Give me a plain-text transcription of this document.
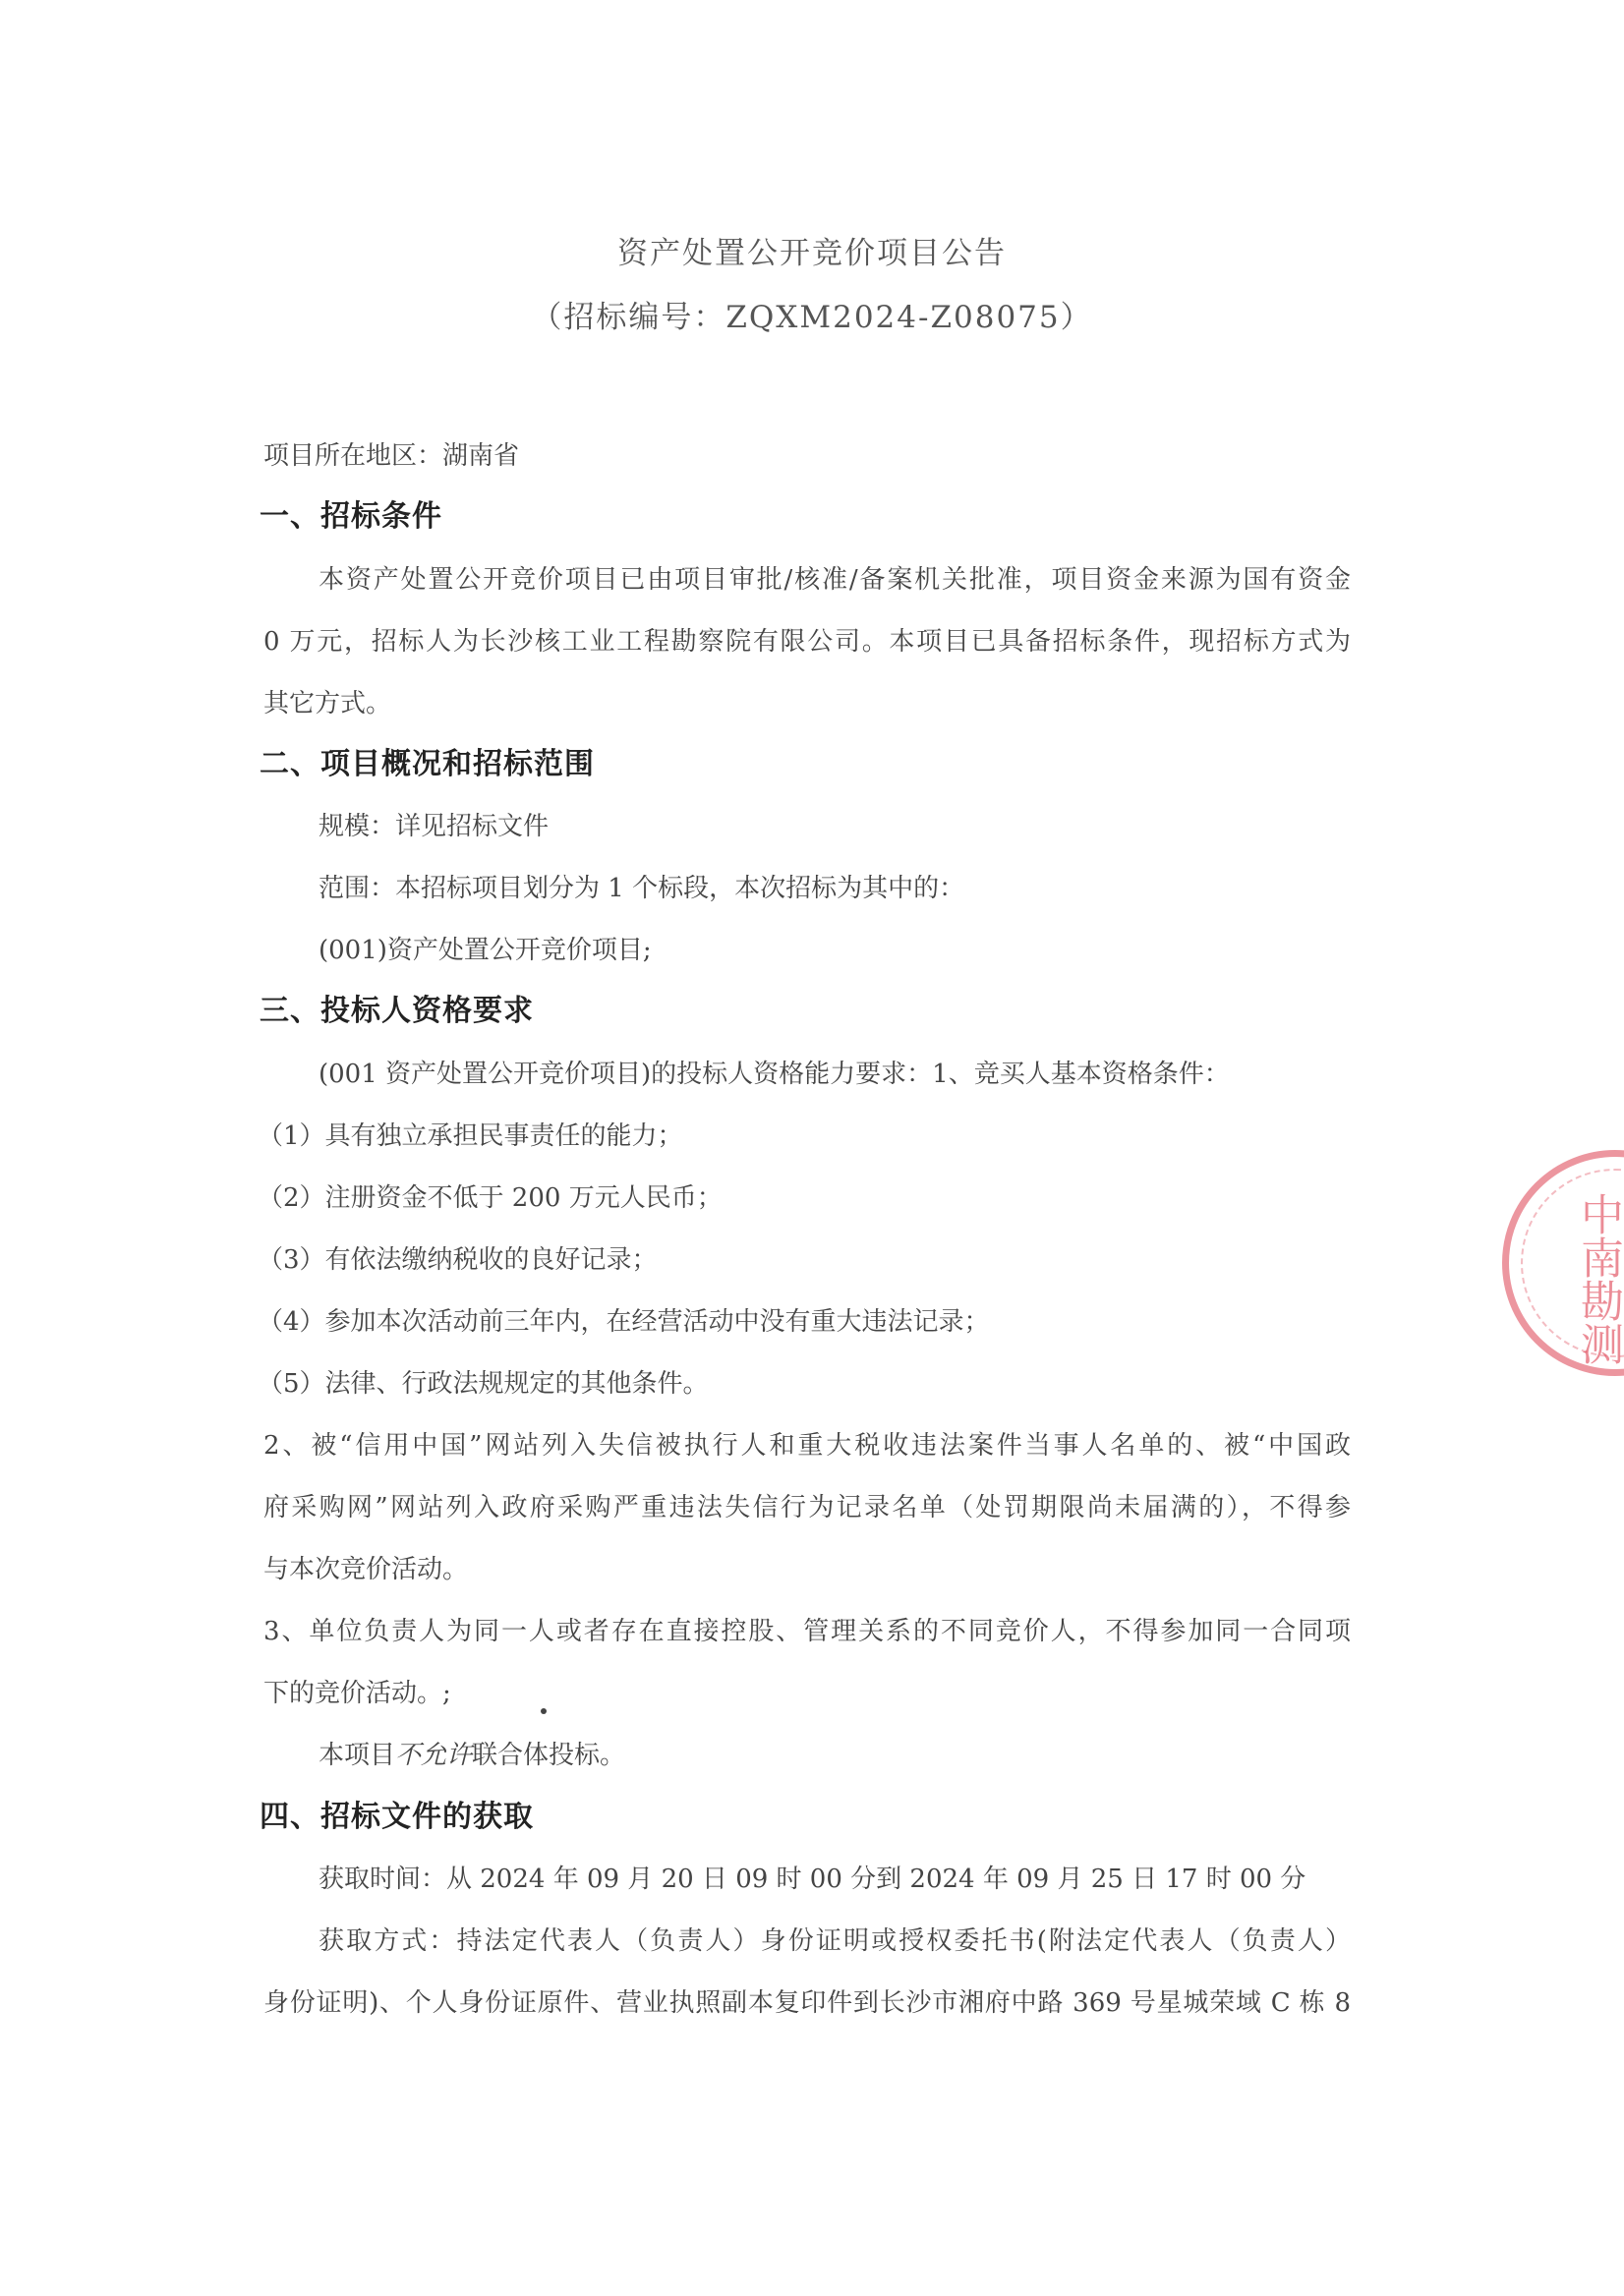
资产处置公开竞价项目公告
（招标编号：ZQXM2024-Z08075）
项目所在地区：湖南省
一、招标条件
本资产处置公开竞价项目已由项目审批/核准/备案机关批准，项目资金来源为国有资金
0 万元，招标人为长沙核工业工程勘察院有限公司。本项目已具备招标条件，现招标方式为
其它方式。
二、项目概况和招标范围
规模：详见招标文件
范围：本招标项目划分为 1 个标段，本次招标为其中的：
(001)资产处置公开竞价项目;
三、投标人资格要求
(001 资产处置公开竞价项目)的投标人资格能力要求：1、竞买人基本资格条件：
（1）具有独立承担民事责任的能力；
（2）注册资金不低于 200 万元人民币；
（3）有依法缴纳税收的良好记录；
（4）参加本次活动前三年内，在经营活动中没有重大违法记录；
（5）法律、行政法规规定的其他条件。
2、被“信用中国”网站列入失信被执行人和重大税收违法案件当事人名单的、被“中国政
府采购网”网站列入政府采购严重违法失信行为记录名单（处罚期限尚未届满的），不得参
与本次竞价活动。
3、单位负责人为同一人或者存在直接控股、管理关系的不同竞价人，不得参加同一合同项
下的竞价活动。;
本项目不允许联合体投标。
四、招标文件的获取
获取时间：从 2024 年 09 月 20 日 09 时 00 分到 2024 年 09 月 25 日 17 时 00 分
获取方式：持法定代表人（负责人）身份证明或授权委托书(附法定代表人（负责人）
身份证明)、个人身份证原件、营业执照副本复印件到长沙市湘府中路 369 号星城荣域 C 栋 8
中南勘测
